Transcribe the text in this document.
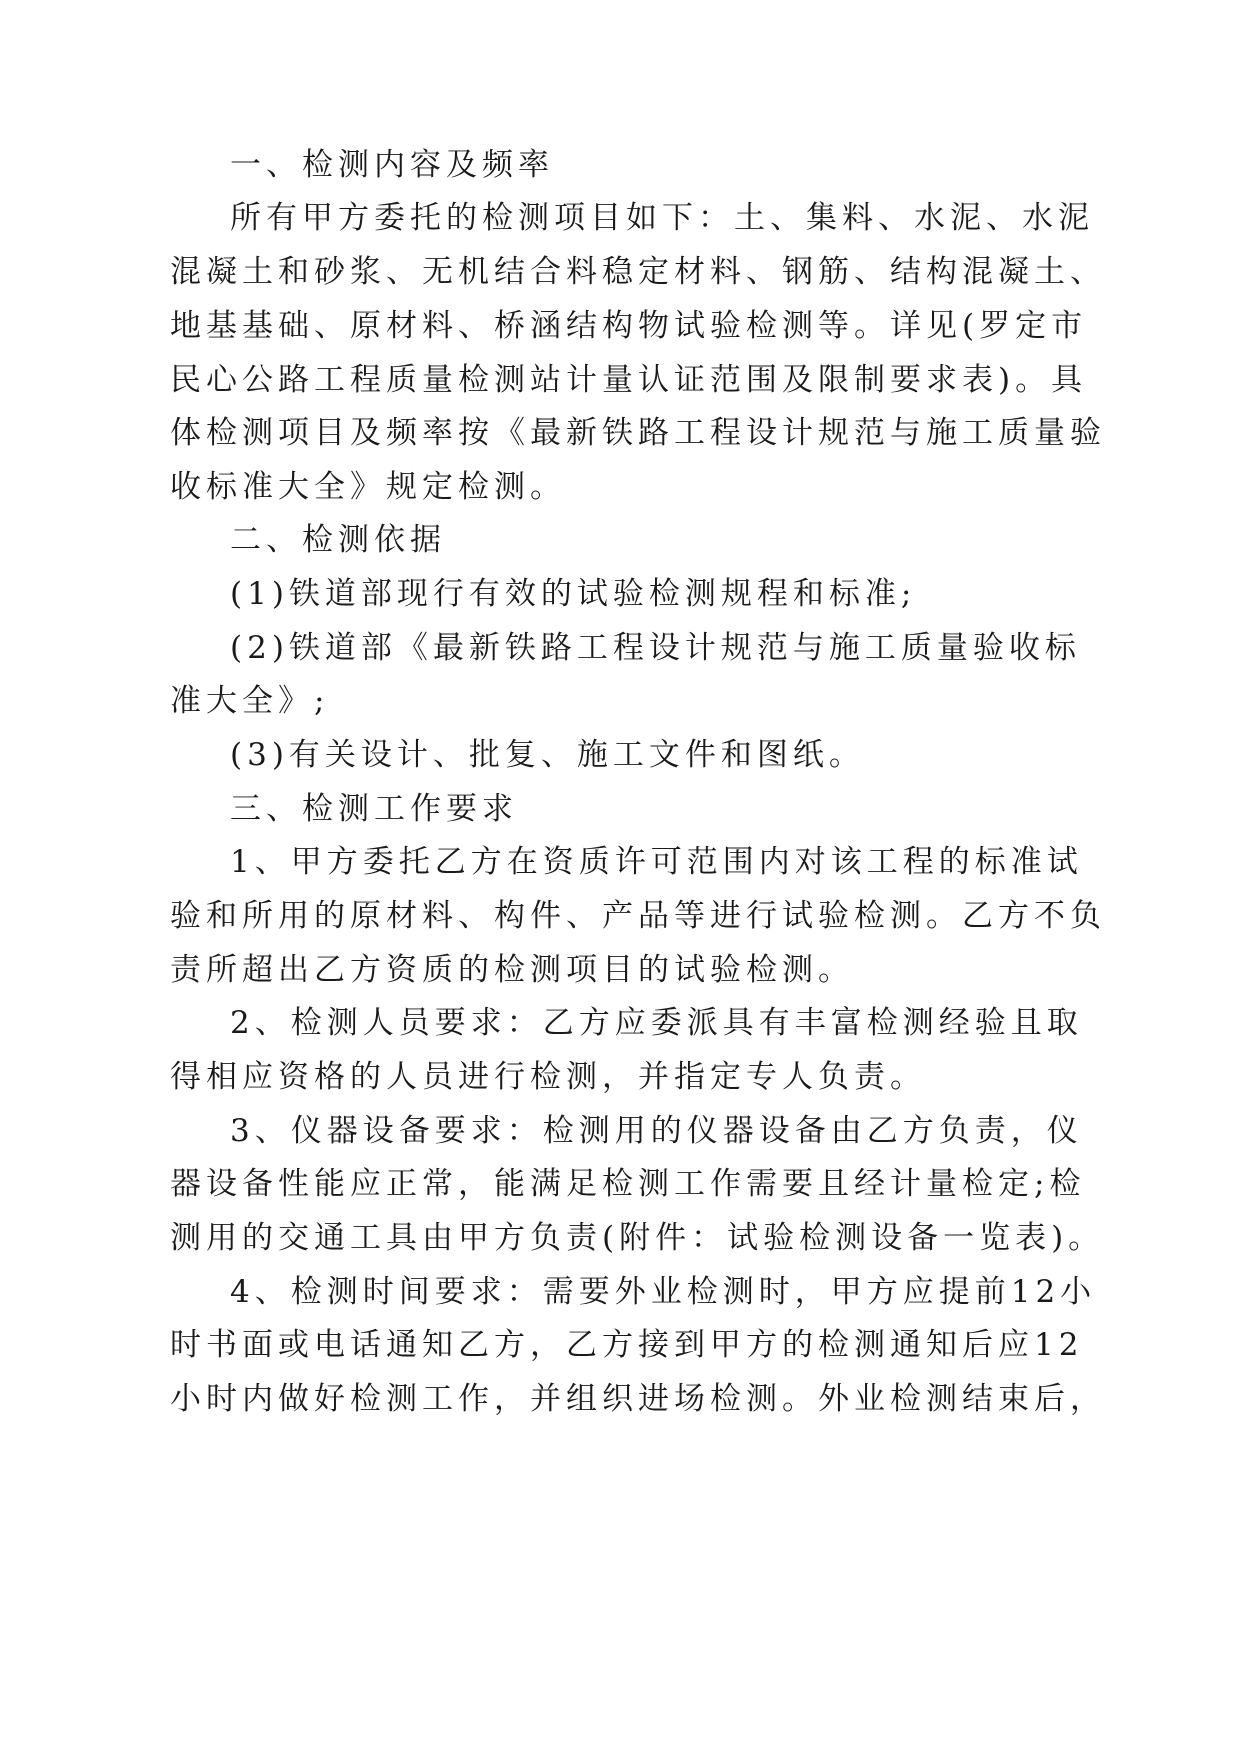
一、检测内容及频率
所有甲方委托的检测项目如下：土、集料、水泥、水泥
混凝土和砂浆、无机结合料稳定材料、钢筋、结构混凝土、
地基基础、原材料、桥涵结构物试验检测等。详见(罗定市
民心公路工程质量检测站计量认证范围及限制要求表)。具
体检测项目及频率按《最新铁路工程设计规范与施工质量验
收标准大全》规定检测。
二、检测依据
(1)铁道部现行有效的试验检测规程和标准;
(2)铁道部《最新铁路工程设计规范与施工质量验收标
准大全》;
(3)有关设计、批复、施工文件和图纸。
三、检测工作要求
1、甲方委托乙方在资质许可范围内对该工程的标准试
验和所用的原材料、构件、产品等进行试验检测。乙方不负
责所超出乙方资质的检测项目的试验检测。
2、检测人员要求：乙方应委派具有丰富检测经验且取
得相应资格的人员进行检测，并指定专人负责。
3、仪器设备要求：检测用的仪器设备由乙方负责，仪
器设备性能应正常，能满足检测工作需要且经计量检定;检
测用的交通工具由甲方负责(附件：试验检测设备一览表)。
4、检测时间要求：需要外业检测时，甲方应提前12小
时书面或电话通知乙方，乙方接到甲方的检测通知后应12
小时内做好检测工作，并组织进场检测。外业检测结束后，
